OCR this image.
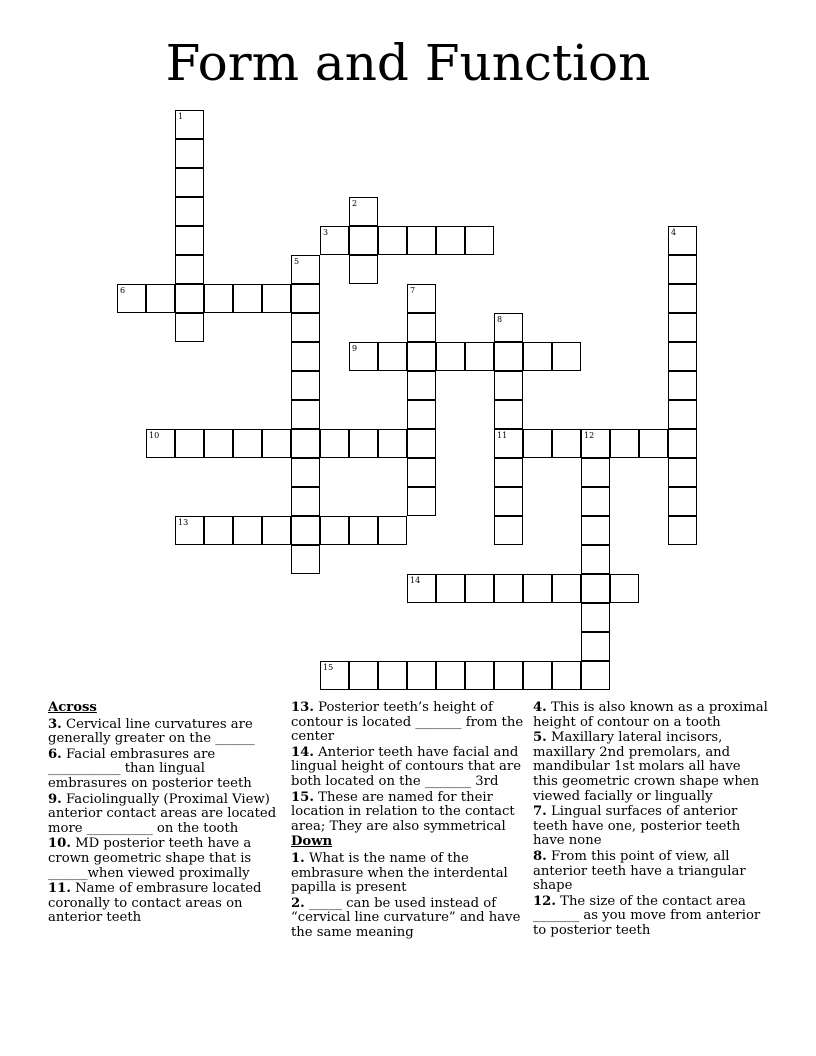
Form and Function
1
2
3	4
5
6	7
8
11
9
10	12
13
14
15
Across

3. Cervical line curvatures are generally greater on the ______

6. Facial embrasures are ___________ than lingual embrasures on posterior teeth

9. Faciolingually (Proximal View) anterior contact areas are located more __________ on the tooth

10. MD posterior teeth have a crown geometric shape that is ______when viewed proximally

11. Name of embrasure located coronally to contact areas on anterior teeth

13. Posterior teeth’s height of contour is located _______ from the center

14. Anterior teeth have facial and lingual height of contours that are both located on the _______ 3rd

15. These are named for their location in relation to the contact area; They are also symmetrical

Down

1. What is the name of the embrasure when the interdental papilla is present

2. _____ can be used instead of “cervical line curvature” and have the same meaning

4. This is also known as a proximal height of contour on a tooth

5. Maxillary lateral incisors, maxillary 2nd premolars, and mandibular 1st molars all have this geometric crown shape when viewed facially or lingually

7. Lingual surfaces of anterior teeth have one, posterior teeth have none

8. From this point of view, all anterior teeth have a triangular shape

12. The size of the contact area _______ as you move from anterior to posterior teeth
